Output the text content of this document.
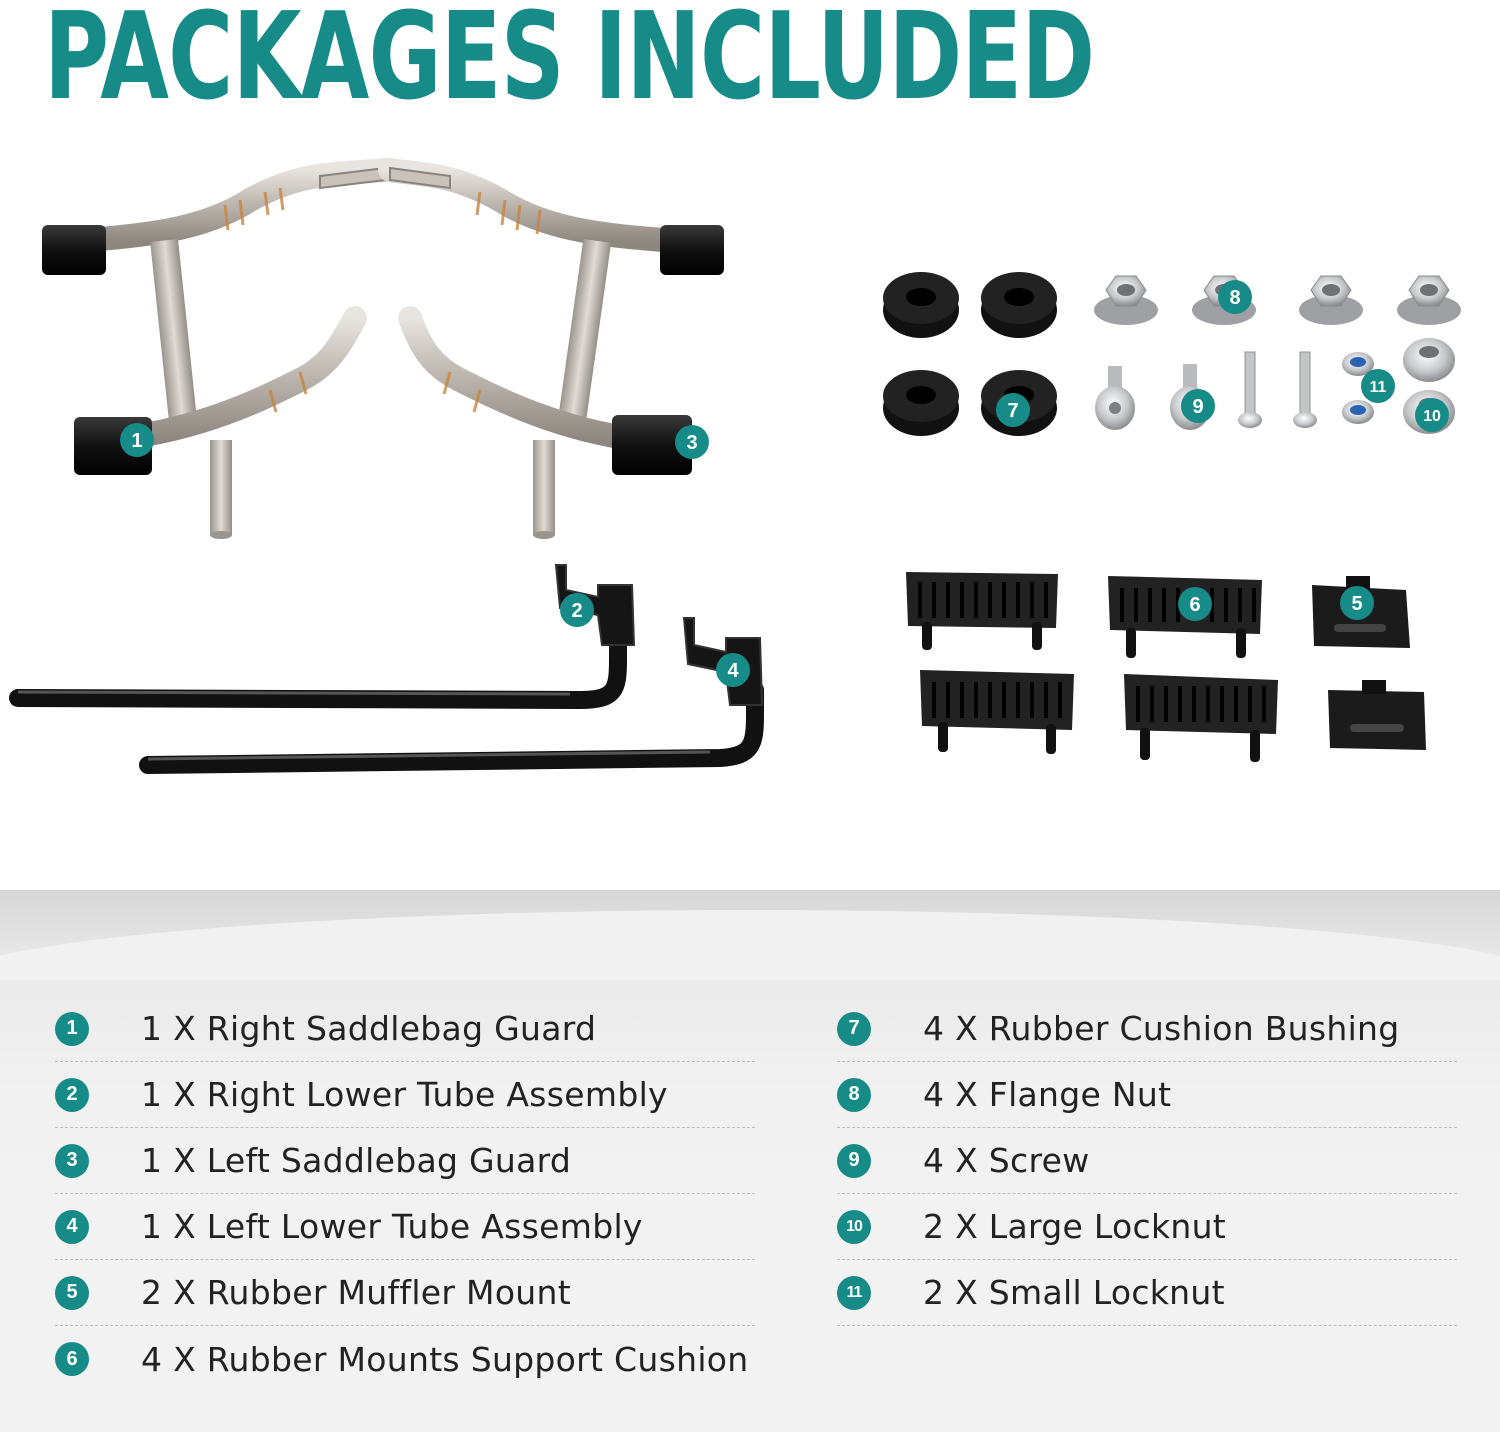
PACKAGES INCLUDED
1
2
3
4
5
6
7
8
9	10
11
1	1 X Right Saddlebag Guard
2	1 X Right Lower Tube Assembly
3	1 X Left Saddlebag Guard
4	1 X Left Lower Tube Assembly
5	2 X Rubber Muffler Mount
6	4 X Rubber Mounts Support Cushion
7	4 X Rubber Cushion Bushing
8	4 X Flange Nut
9	4 X Screw
10 2 X Large Locknut
11 2 X Small Locknut
